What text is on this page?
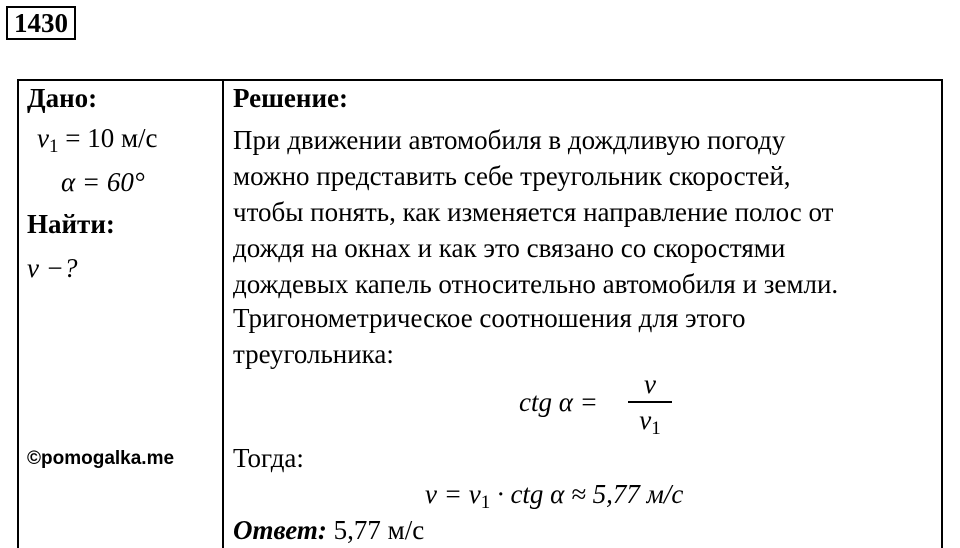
1430
Дано:
$v_1 = 10$ м/с
α = 60°
Найти:
v −?
©pomogalka.me
Решение:
При движении автомобиля в дождливую погоду
можно представить себе треугольник скоростей,
чтобы понять, как изменяется направление полос от
дождя на окнах и как это связано со скоростями
дождевых капель относительно автомобиля и земли.
Тригонометрическое соотношения для этого
треугольника:
ctg α =
v
$v_1$
Тогда:
$v = v_1$ · ctg α ≈ 5,77 м/с
Ответ: 5,77 м/с
